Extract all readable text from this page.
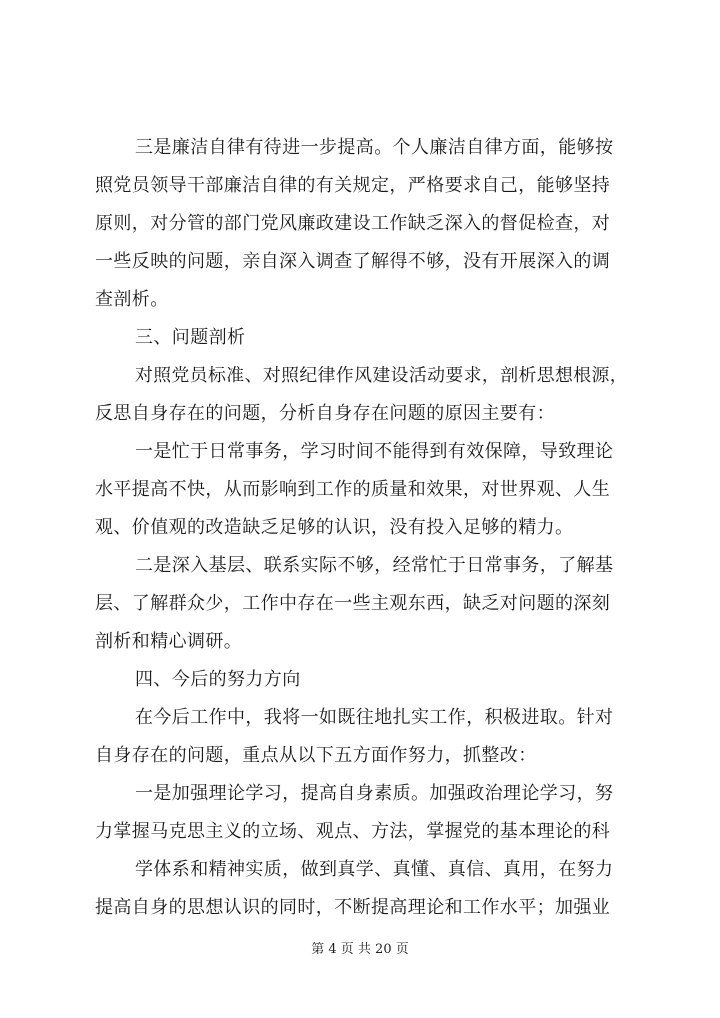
三是廉洁自律有待进一步提高。个人廉洁自律方面，能够按
照党员领导干部廉洁自律的有关规定，严格要求自己，能够坚持
原则，对分管的部门党风廉政建设工作缺乏深入的督促检查，对
一些反映的问题，亲自深入调查了解得不够，没有开展深入的调
查剖析。
三、问题剖析
对照党员标准、对照纪律作风建设活动要求，剖析思想根源，
反思自身存在的问题，分析自身存在问题的原因主要有：
一是忙于日常事务，学习时间不能得到有效保障，导致理论
水平提高不快，从而影响到工作的质量和效果，对世界观、人生
观、价值观的改造缺乏足够的认识，没有投入足够的精力。
二是深入基层、联系实际不够，经常忙于日常事务，了解基
层、了解群众少，工作中存在一些主观东西，缺乏对问题的深刻
剖析和精心调研。
四、今后的努力方向
在今后工作中，我将一如既往地扎实工作，积极进取。针对
自身存在的问题，重点从以下五方面作努力，抓整改：
一是加强理论学习，提高自身素质。加强政治理论学习，努
力掌握马克思主义的立场、观点、方法，掌握党的基本理论的科
学体系和精神实质，做到真学、真懂、真信、真用，在努力
提高自身的思想认识的同时，不断提高理论和工作水平；加强业
第 4 页 共 20 页
